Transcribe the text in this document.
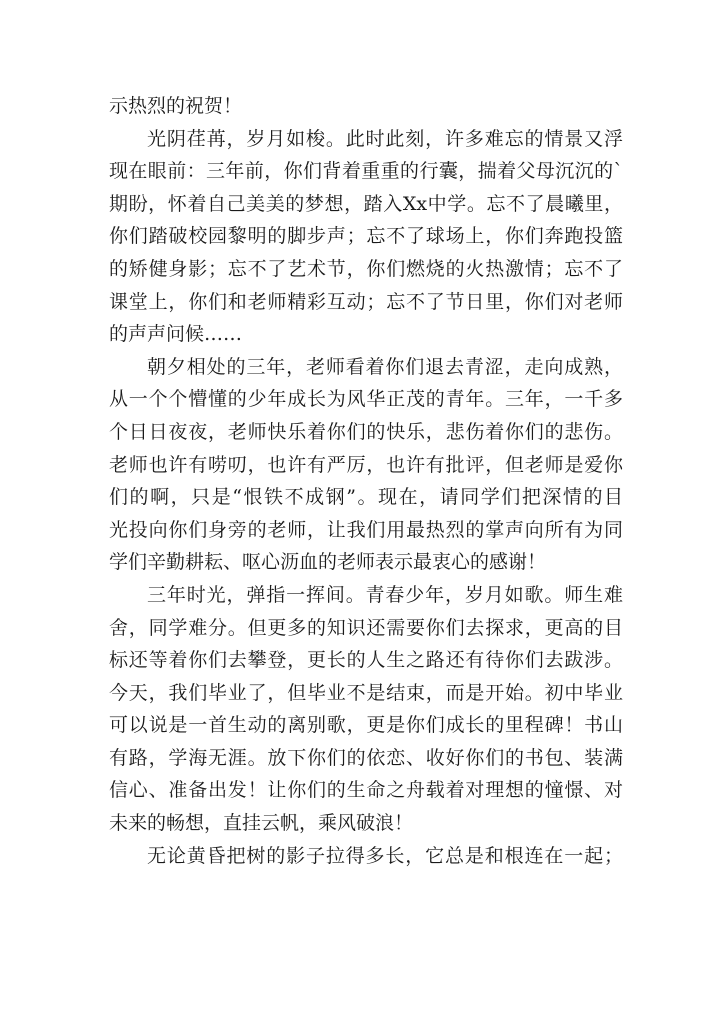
示热烈的祝贺！
光阴荏苒，岁月如梭。此时此刻，许多难忘的情景又浮
现在眼前：三年前，你们背着重重的行囊，揣着父母沉沉的`
期盼，怀着自己美美的梦想，踏入Xx中学。忘不了晨曦里，
你们踏破校园黎明的脚步声；忘不了球场上，你们奔跑投篮
的矫健身影；忘不了艺术节，你们燃烧的火热激情；忘不了
课堂上，你们和老师精彩互动；忘不了节日里，你们对老师
的声声问候……
朝夕相处的三年，老师看着你们退去青涩，走向成熟，
从一个个懵懂的少年成长为风华正茂的青年。三年，一千多
个日日夜夜，老师快乐着你们的快乐，悲伤着你们的悲伤。
老师也许有唠叨，也许有严厉，也许有批评，但老师是爱你
们的啊，只是“恨铁不成钢”。现在，请同学们把深情的目
光投向你们身旁的老师，让我们用最热烈的掌声向所有为同
学们辛勤耕耘、呕心沥血的老师表示最衷心的感谢！
三年时光，弹指一挥间。青春少年，岁月如歌。师生难
舍，同学难分。但更多的知识还需要你们去探求，更高的目
标还等着你们去攀登，更长的人生之路还有待你们去跋涉。
今天，我们毕业了，但毕业不是结束，而是开始。初中毕业
可以说是一首生动的离别歌，更是你们成长的里程碑！书山
有路，学海无涯。放下你们的依恋、收好你们的书包、装满
信心、准备出发！让你们的生命之舟载着对理想的憧憬、对
未来的畅想，直挂云帆，乘风破浪！
无论黄昏把树的影子拉得多长，它总是和根连在一起；
